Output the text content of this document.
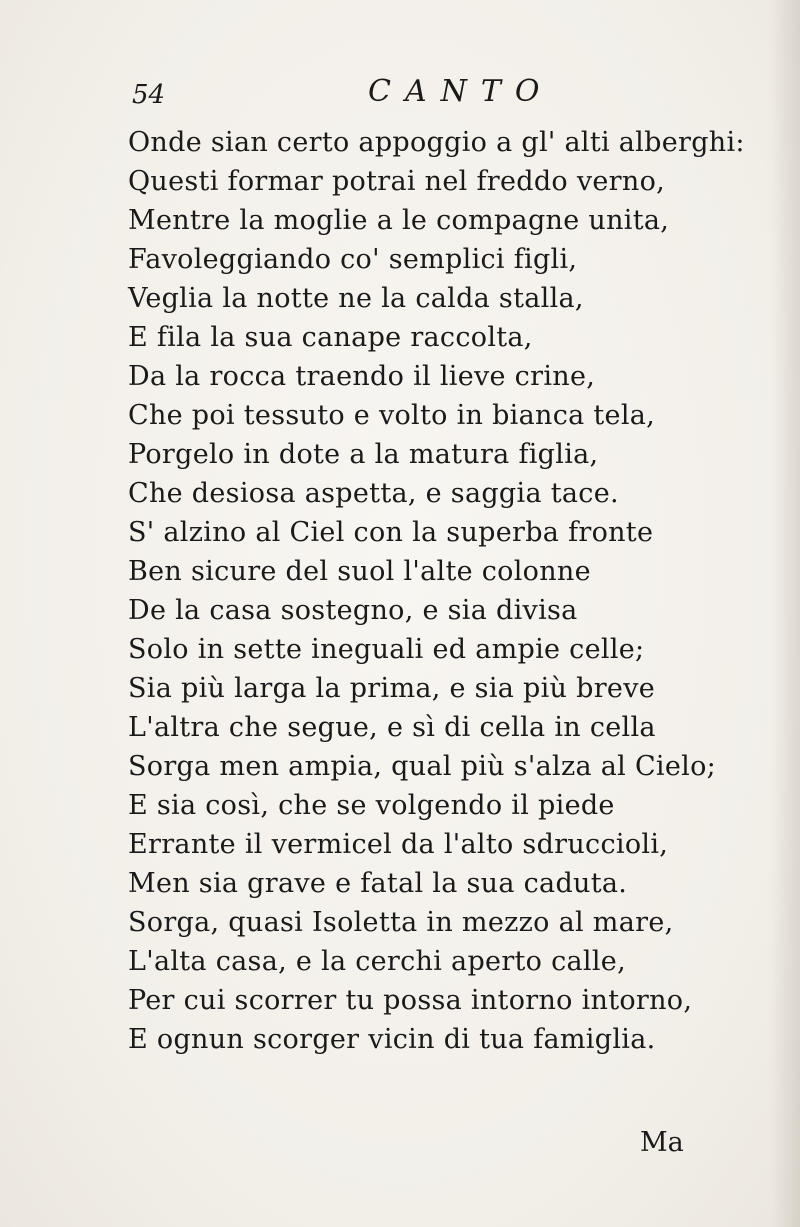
54	CANTO
Onde sian certo appoggio a gl' alti alberghi:
Questi formar potrai nel freddo verno,
Mentre la moglie a le compagne unita,
Favoleggiando co' semplici figli,
Veglia la notte ne la calda stalla,
E fila la sua canape raccolta,
Da la rocca traendo il lieve crine,
Che poi tessuto e volto in bianca tela,
Porgelo in dote a la matura figlia,
Che desiosa aspetta, e saggia tace.
S' alzino al Ciel con la superba fronte
Ben sicure del suol l'alte colonne
De la casa sostegno, e sia divisa
Solo in sette ineguali ed ampie celle;
Sia più larga la prima, e sia più breve
L'altra che segue, e sì di cella in cella
Sorga men ampia, qual più s'alza al Cielo;
E sia così, che se volgendo il piede
Errante il vermicel da l'alto sdruccioli,
Men sia grave e fatal la sua caduta.
Sorga, quasi Isoletta in mezzo al mare,
L'alta casa, e la cerchi aperto calle,
Per cui scorrer tu possa intorno intorno,
E ognun scorger vicin di tua famiglia.
Ma
